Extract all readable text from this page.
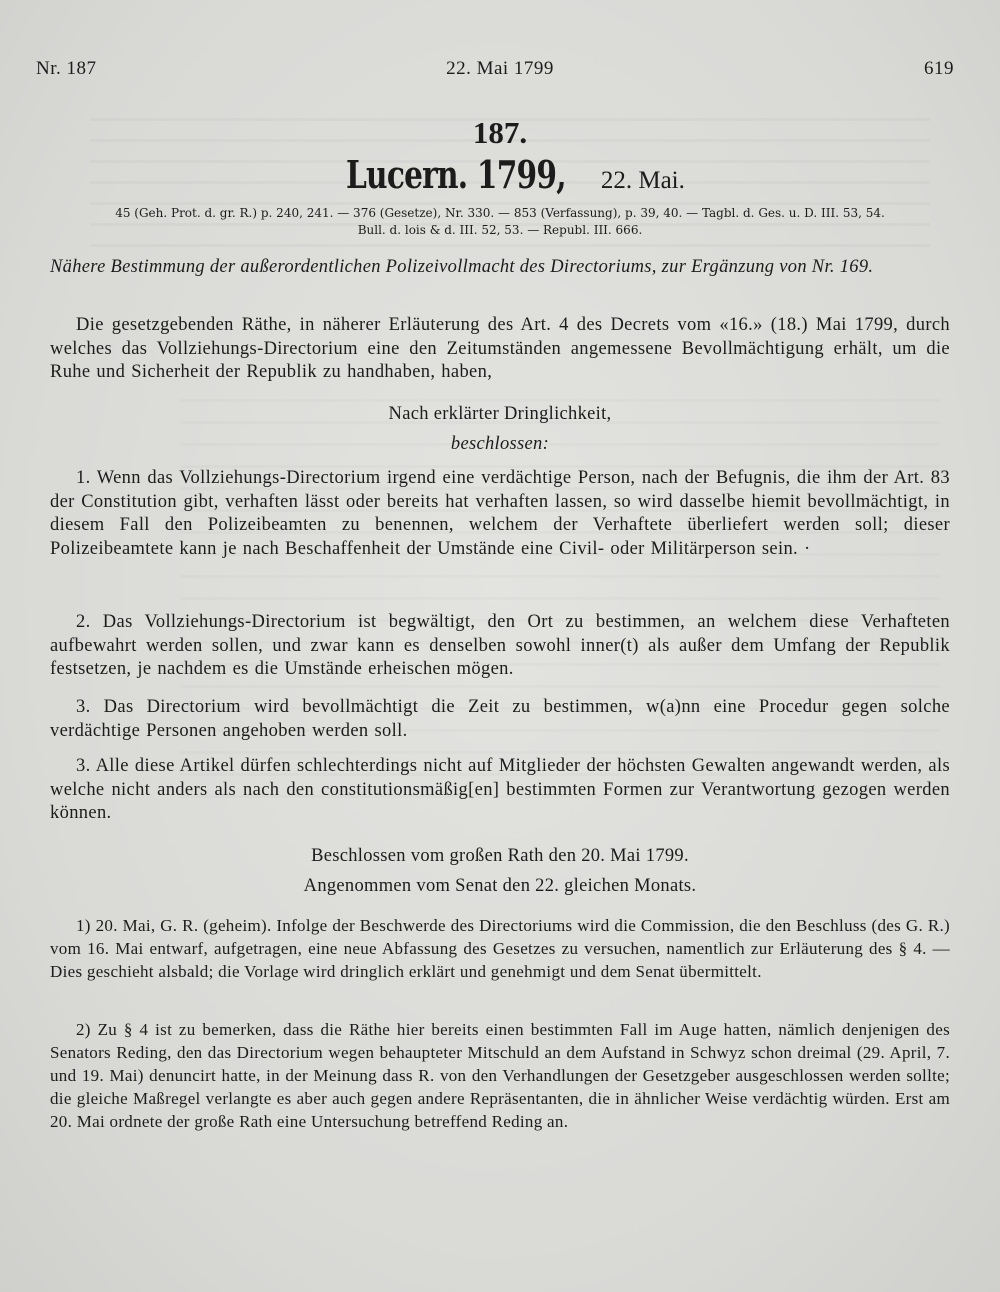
Nr. 187	22. Mai 1799	619
187.
Lucern. 1799, 22. Mai.
45 (Geh. Prot. d. gr. R.) p. 240, 241. — 376 (Gesetze), Nr. 330. — 853 (Verfassung), p. 39, 40. — Tagbl. d. Ges. u. D. III. 53, 54.
Bull. d. lois & d. III. 52, 53. — Republ. III. 666.
Nähere Bestimmung der außerordentlichen Polizeivollmacht des Directoriums, zur Ergänzung von Nr. 169.

Die gesetzgebenden Räthe, in näherer Erläuterung des Art. 4 des Decrets vom «16.» (18.) Mai 1799, durch welches das Vollziehungs-Directorium eine den Zeitumständen angemessene Bevollmächtigung erhält, um die Ruhe und Sicherheit der Republik zu handhaben, haben,

Nach erklärter Dringlichkeit,
beschlossen:

1. Wenn das Vollziehungs-Directorium irgend eine verdächtige Person, nach der Befugnis, die ihm der Art. 83 der Constitution gibt, verhaften lässt oder bereits hat verhaften lassen, so wird dasselbe hiemit bevollmächtigt, in diesem Fall den Polizeibeamten zu benennen, welchem der Verhaftete überliefert werden soll; dieser Polizeibeamtete kann je nach Beschaffenheit der Umstände eine Civil- oder Militärperson sein. ·

2. Das Vollziehungs-Directorium ist begwältigt, den Ort zu bestimmen, an welchem diese Verhafteten aufbewahrt werden sollen, und zwar kann es denselben sowohl inner(t) als außer dem Umfang der Republik festsetzen, je nachdem es die Umstände erheischen mögen.

3. Das Directorium wird bevollmächtigt die Zeit zu bestimmen, w(a)nn eine Procedur gegen solche verdächtige Personen angehoben werden soll.

3. Alle diese Artikel dürfen schlechterdings nicht auf Mitglieder der höchsten Gewalten angewandt werden, als welche nicht anders als nach den constitutionsmäßig[en] bestimmten Formen zur Verantwortung gezogen werden können.

Beschlossen vom großen Rath den 20. Mai 1799.
Angenommen vom Senat den 22. gleichen Monats.

1) 20. Mai, G. R. (geheim). Infolge der Beschwerde des Directoriums wird die Commission, die den Beschluss (des G. R.) vom 16. Mai entwarf, aufgetragen, eine neue Abfassung des Gesetzes zu versuchen, namentlich zur Erläuterung des § 4. — Dies geschieht alsbald; die Vorlage wird dringlich erklärt und genehmigt und dem Senat übermittelt.

2) Zu § 4 ist zu bemerken, dass die Räthe hier bereits einen bestimmten Fall im Auge hatten, nämlich denjenigen des Senators Reding, den das Directorium wegen behaupteter Mitschuld an dem Aufstand in Schwyz schon dreimal (29. April, 7. und 19. Mai) denuncirt hatte, in der Meinung dass R. von den Verhandlungen der Gesetzgeber ausgeschlossen werden sollte; die gleiche Maßregel verlangte es aber auch gegen andere Repräsentanten, die in ähnlicher Weise verdächtig würden. Erst am 20. Mai ordnete der große Rath eine Untersuchung betreffend Reding an.
